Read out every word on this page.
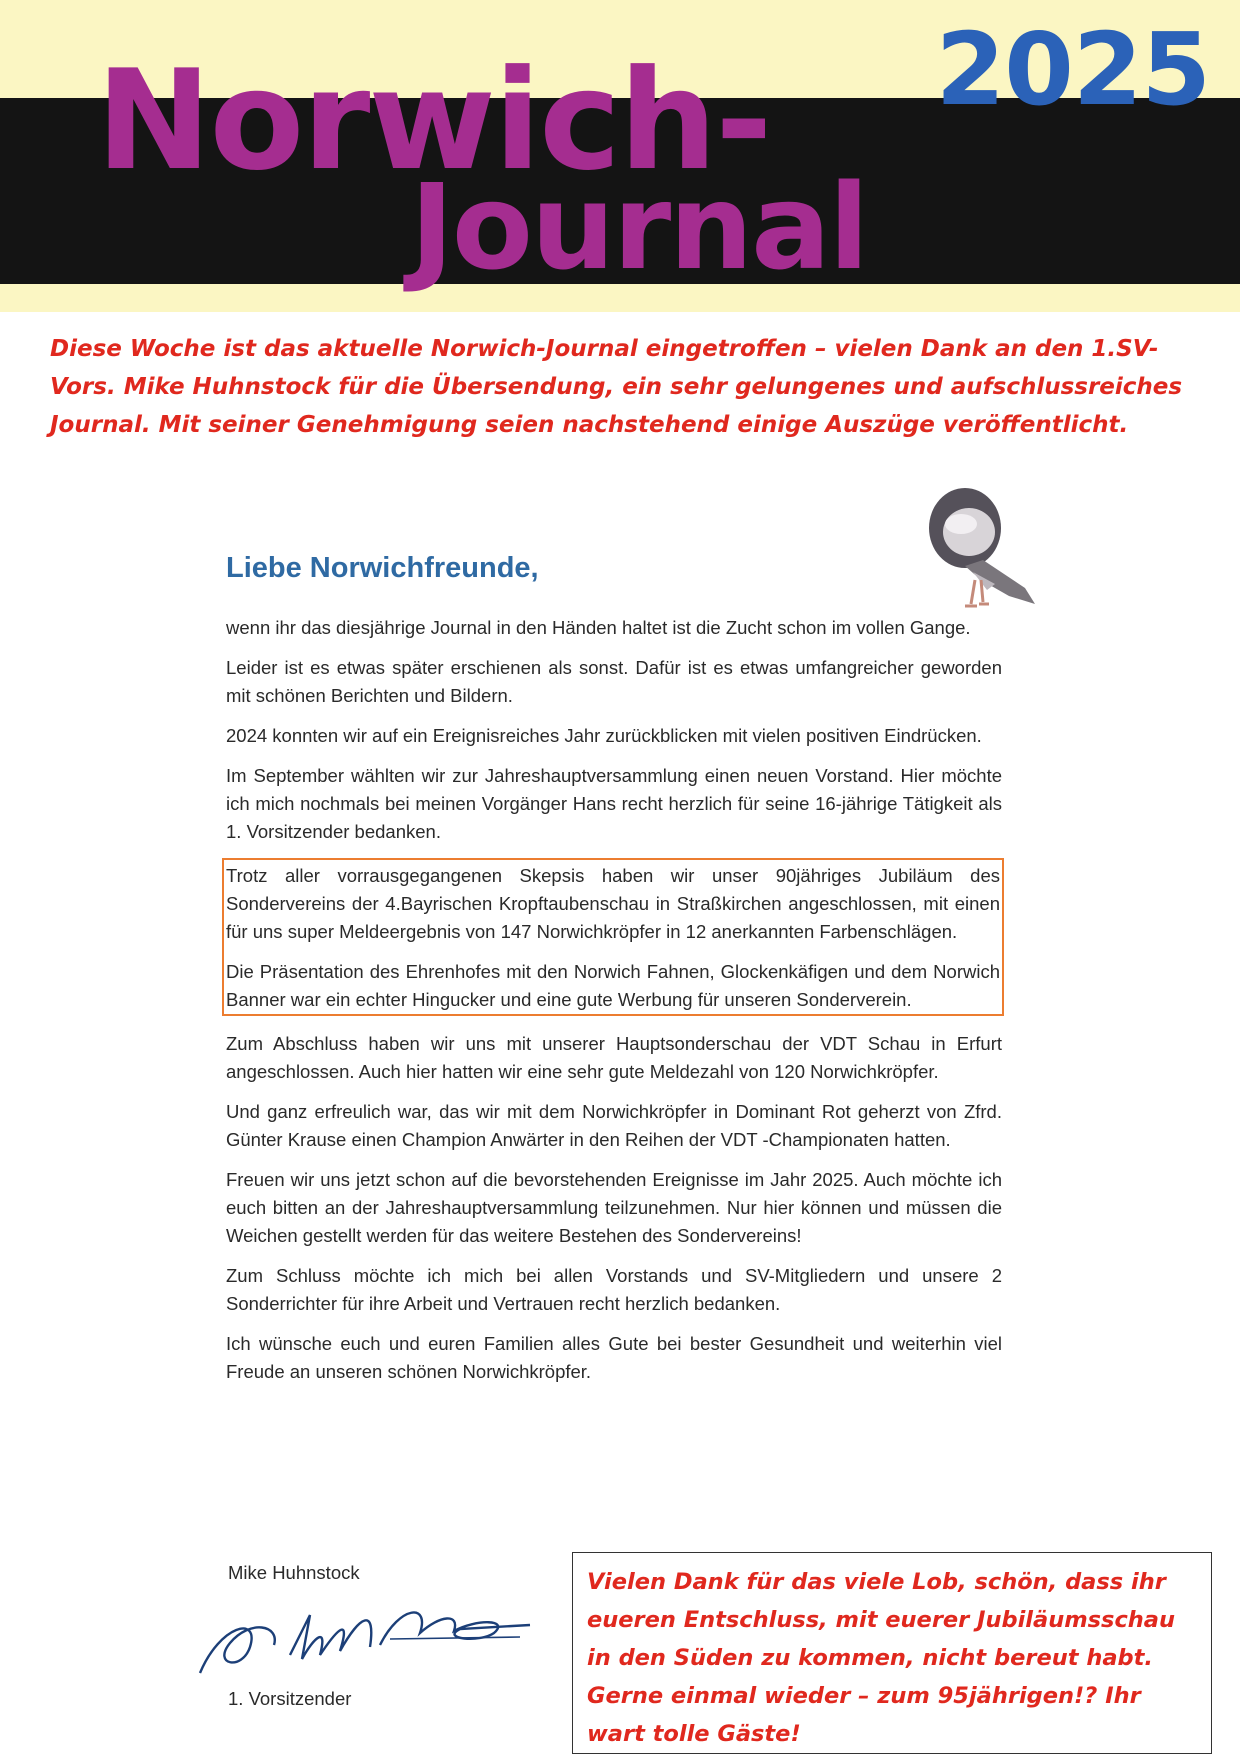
Norwich-
Journal
2025

Diese Woche ist das aktuelle Norwich-Journal eingetroffen – vielen Dank an den 1.SV-Vors. Mike Huhnstock für die Übersendung, ein sehr gelungenes und aufschlussreiches Journal. Mit seiner Genehmigung seien nachstehend einige Auszüge veröffentlicht.

Liebe Norwichfreunde,

wenn ihr das diesjährige Journal in den Händen haltet ist die Zucht schon im vollen Gange.

Leider ist es etwas später erschienen als sonst. Dafür ist es etwas umfangreicher geworden mit schönen Berichten und Bildern.

2024 konnten wir auf ein Ereignisreiches Jahr zurückblicken mit vielen positiven Eindrücken.

Im September wählten wir zur Jahreshauptversammlung einen neuen Vorstand. Hier möchte ich mich nochmals bei meinen Vorgänger Hans recht herzlich für seine 16-jährige Tätigkeit als 1. Vorsitzender bedanken.

Trotz aller vorrausgegangenen Skepsis haben wir unser 90jähriges Jubiläum des Sondervereins der 4.Bayrischen Kropftaubenschau in Straßkirchen angeschlossen, mit einen für uns super Meldeergebnis von 147 Norwichkröpfer in 12 anerkannten Farbenschlägen.

Die Präsentation des Ehrenhofes mit den Norwich Fahnen, Glockenkäfigen und dem Norwich Banner war ein echter Hingucker und eine gute Werbung für unseren Sonderverein.

Zum Abschluss haben wir uns mit unserer Hauptsonderschau der VDT Schau in Erfurt angeschlossen. Auch hier hatten wir eine sehr gute Meldezahl von 120 Norwichkröpfer.

Und ganz erfreulich war, das wir mit dem Norwichkröpfer in Dominant Rot geherzt von Zfrd. Günter Krause einen Champion Anwärter in den Reihen der VDT -Championaten hatten.

Freuen wir uns jetzt schon auf die bevorstehenden Ereignisse im Jahr 2025. Auch möchte ich euch bitten an der Jahreshauptversammlung teilzunehmen. Nur hier können und müssen die Weichen gestellt werden für das weitere Bestehen des Sondervereins!

Zum Schluss möchte ich mich bei allen Vorstands und SV-Mitgliedern und unsere 2 Sonderrichter für ihre Arbeit und Vertrauen recht herzlich bedanken.

Ich wünsche euch und euren Familien alles Gute bei bester Gesundheit und weiterhin viel Freude an unseren schönen Norwichkröpfer.

Mike Huhnstock

1. Vorsitzender

Vielen Dank für das viele Lob, schön, dass ihr eueren Entschluss, mit euerer Jubiläumsschau in den Süden zu kommen, nicht bereut habt. Gerne einmal wieder – zum 95jährigen!? Ihr wart tolle Gäste!
